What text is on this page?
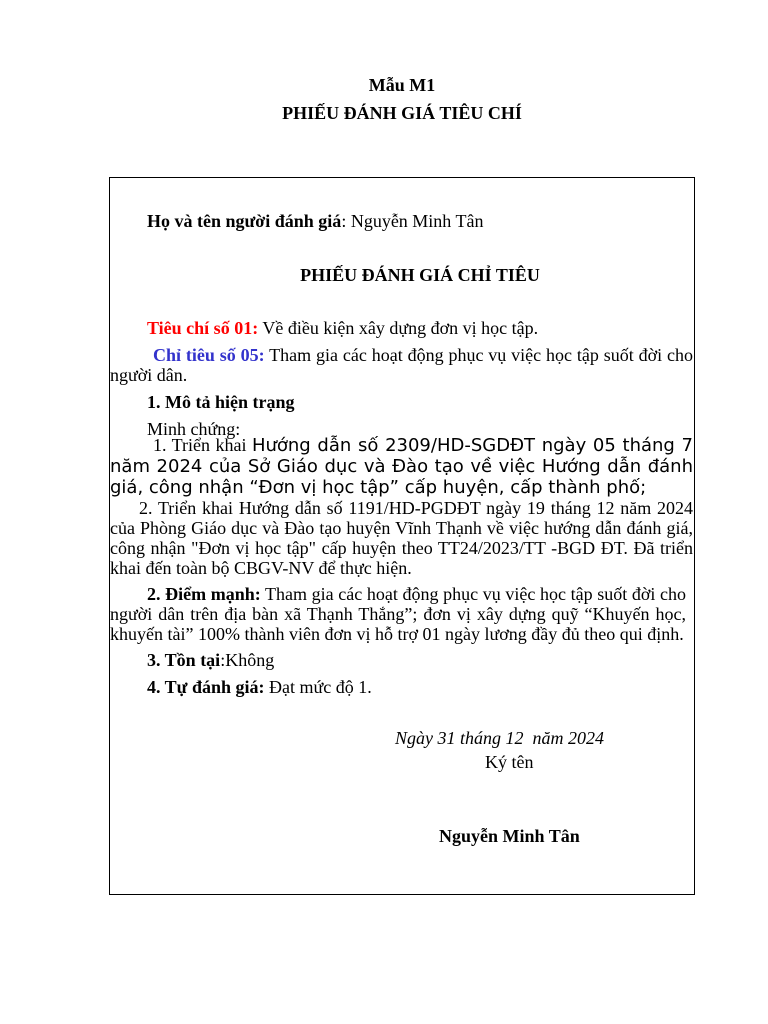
Mẫu M1
PHIẾU ĐÁNH GIÁ TIÊU CHÍ
Họ và tên người đánh giá: Nguyễn Minh Tân
PHIẾU ĐÁNH GIÁ CHỈ TIÊU
Tiêu chí số 01: Về điều kiện xây dựng đơn vị học tập.
Chỉ tiêu số 05: Tham gia các hoạt động phục vụ việc học tập suốt đời cho
người dân.
1. Mô tả hiện trạng
Minh chứng:
1. Triển khai Hướng dẫn số 2309/HD-SGDĐT ngày 05 tháng 7
năm 2024 của Sở Giáo dục và Đào tạo về việc Hướng dẫn đánh
giá, công nhận “Đơn vị học tập” cấp huyện, cấp thành phố;
2. Triển khai Hướng dẫn số 1191/HD-PGDĐT ngày 19 tháng 12 năm 2024
của Phòng Giáo dục và Đào tạo huyện Vĩnh Thạnh về việc hướng dẫn đánh giá,
công nhận "Đơn vị học tập" cấp huyện theo TT24/2023/TT -BGD ĐT. Đã triển
khai đến toàn bộ CBGV-NV để thực hiện.
2. Điểm mạnh: Tham gia các hoạt động phục vụ việc học tập suốt đời cho
người dân trên địa bàn xã Thạnh Thắng”; đơn vị xây dựng quỹ “Khuyến học,
khuyến tài” 100% thành viên đơn vị hỗ trợ 01 ngày lương đầy đủ theo qui định.
3. Tồn tại:Không
4. Tự đánh giá: Đạt mức độ 1.
Ngày 31 tháng 12  năm 2024
Ký tên
Nguyễn Minh Tân
